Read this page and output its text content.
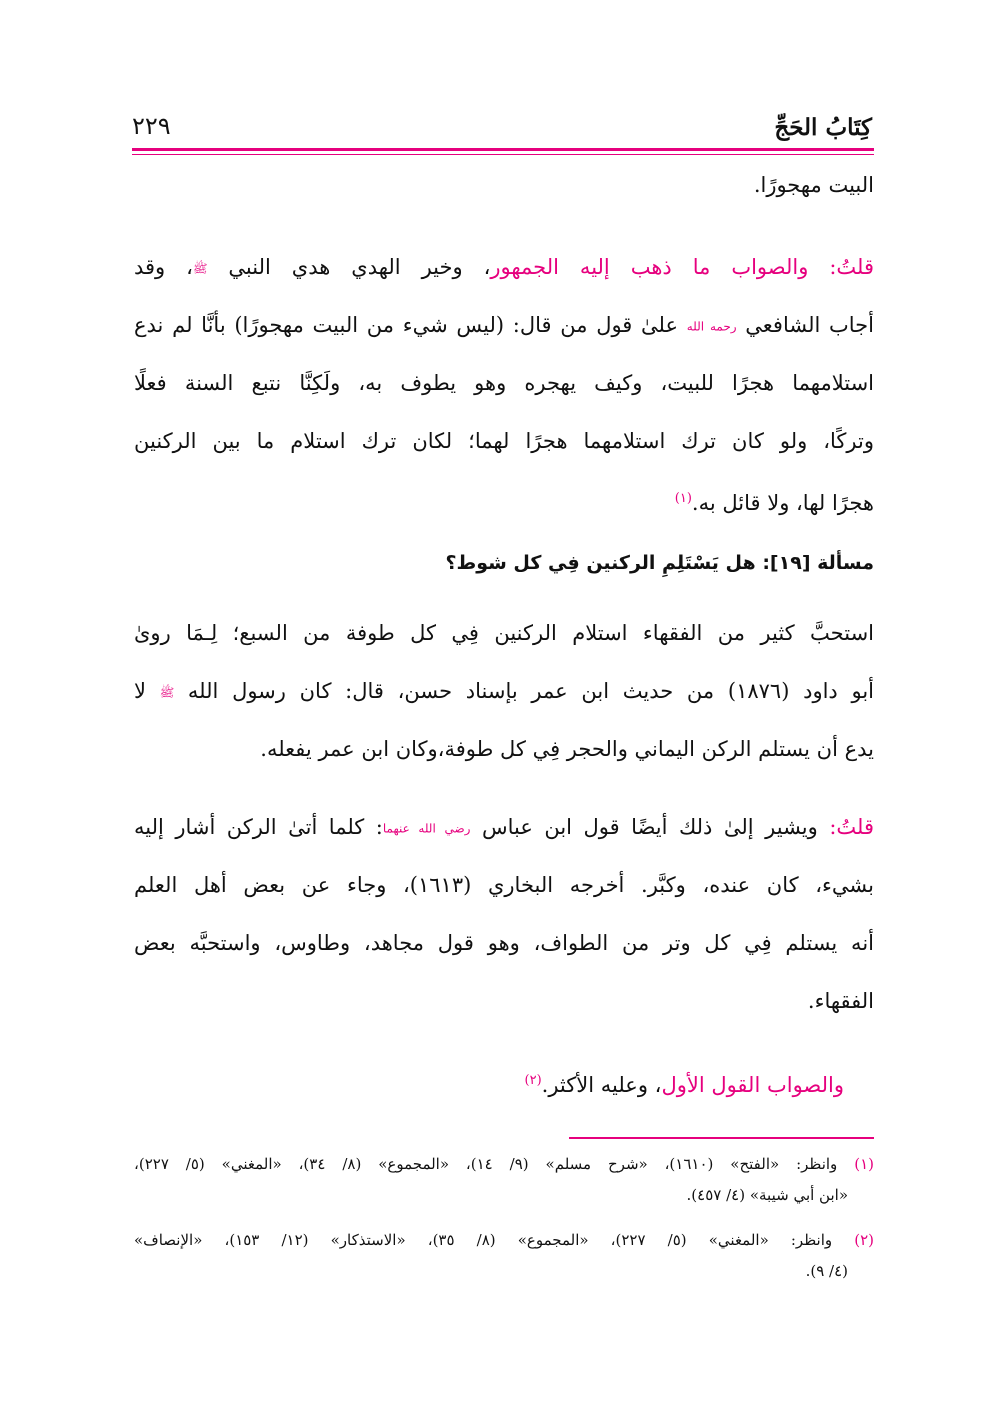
كِتَابُ الحَجِّ
٢٢٩
البيت مهجورًا.
قلتُ: والصواب ما ذهب إليه الجمهور، وخير الهدي هدي النبي ﷺ، وقد
أجاب الشافعي رحمه الله علىٰ قول من قال: (ليس شيء من البيت مهجورًا) بأنَّا لم ندع
استلامهما هجرًا للبيت، وكيف يهجره وهو يطوف به، ولَكِنَّا نتبع السنة فعلًا
وتركًا، ولو كان ترك استلامهما هجرًا لهما؛ لكان ترك استلام ما بين الركنين
هجرًا لها، ولا قائل به.$^{(١)}$
مسألة [١٩]: هل يَسْتَلِمِ الركنين فِي كل شوط؟
استحبَّ كثير من الفقهاء استلام الركنين فِي كل طوفة من السبع؛ لِـمَا روىٰ
أبو داود (١٨٧٦) من حديث ابن عمر بإسناد حسن، قال: كان رسول الله ﷺ لا
يدع أن يستلم الركن اليماني والحجر فِي كل طوفة،وكان ابن عمر يفعله.
قلتُ: ويشير إلىٰ ذلك أيضًا قول ابن عباس رضي الله عنهما: كلما أتىٰ الركن أشار إليه
بشيء، كان عنده، وكبَّر. أخرجه البخاري (١٦١٣)، وجاء عن بعض أهل العلم
أنه يستلم فِي كل وتر من الطواف، وهو قول مجاهد، وطاوس، واستحبَّه بعض
الفقهاء.
والصواب القول الأول، وعليه الأكثر.$^{(٢)}$
(١) وانظر: «الفتح» (١٦١٠)، «شرح مسلم» (٩/ ١٤)، «المجموع» (٨/ ٣٤)، «المغني» (٥/ ٢٢٧)،
«ابن أبي شيبة» (٤/ ٤٥٧).
(٢) وانظر: «المغني» (٥/ ٢٢٧)، «المجموع» (٨/ ٣٥)، «الاستذكار» (١٢/ ١٥٣)، «الإنصاف»
(٤/ ٩).
